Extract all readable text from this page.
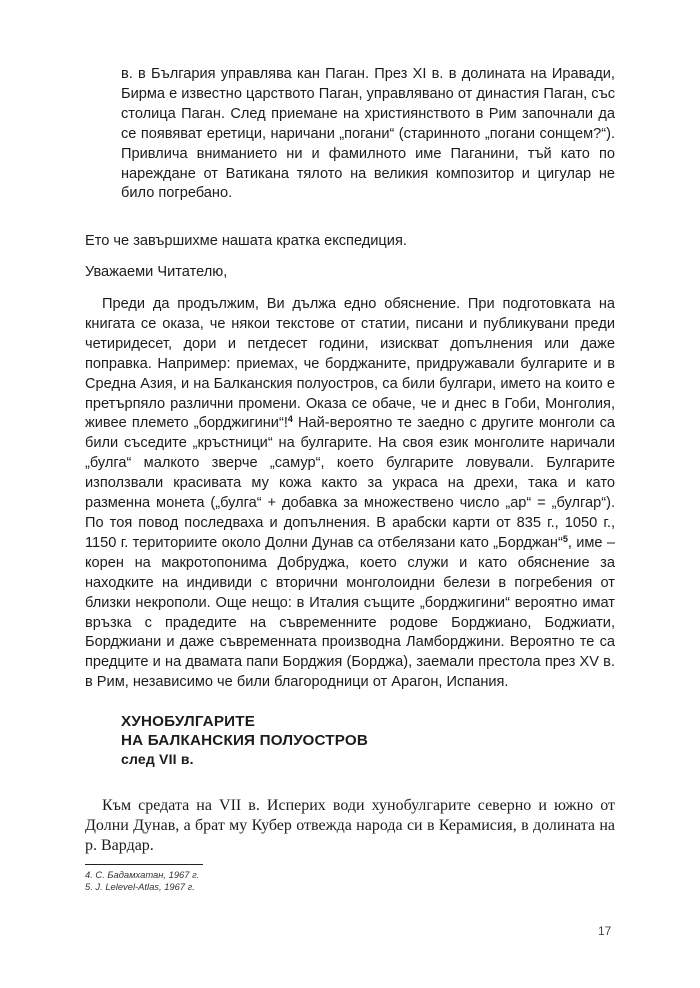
в. в България управлява кан Паган. През XI в. в долината на Иравади, Бирма е известно царството Паган, управлявано от династия Паган, със столица Паган. След приемане на християнството в Рим започнали да се появяват еретици, наричани „погани“ (старинното „погани сонщем?“). Привлича вниманието ни и фамилното име Паганини, тъй като по нареждане от Ватикана тялото на великия композитор и цигулар не било погребано.

Ето че завършихме нашата кратка експедиция.

Уважаеми Читателю,

Преди да продължим, Ви дължа едно обяснение. При подготовката на книгата се оказа, че някои текстове от статии, писани и публикувани преди четиридесет, дори и петдесет години, изискват допълнения или даже поправка. Например: приемах, че борджаните, придружавали булгарите и в Средна Азия, и на Балканския полуостров, са били булгари, името на които е претърпяло различни промени. Оказа се обаче, че и днес в Гоби, Монголия, живее племето „борджигини“!$^4$ Най-вероятно те заедно с другите монголи са били съседите „кръстници“ на булгарите. На своя език монголите наричали „булга“ малкото зверче „самур“, което булгарите ловували. Булгарите използвали красивата му кожа както за украса на дрехи, така и като разменна монета („булга“ + добавка за множествено число „ар“ = „булгар“). По тоя повод последваха и допълнения. В арабски карти от 835 г., 1050 г., 1150 г. териториите около Долни Дунав са отбелязани като „Борджан“$^5$, име – корен на макротопонима Добруджа, което служи и като обяснение за находките на индивиди с вторични монголоидни белези в погребения от близки некрополи. Още нещо: в Италия същите „борджигини“ вероятно имат връзка с прадедите на съвременните родове Борджиано, Боджиати, Борджиани и даже съвременната производна Ламборджини. Вероятно те са предците и на двамата папи Борджия (Борджа), заемали престола през XV в. в Рим, независимо че били благородници от Арагон, Испания.

ХУНОБУЛГАРИТЕ
НА БАЛКАНСКИЯ ПОЛУОСТРОВ
след VII в.

Към средата на VII в. Исперих води хунобулгарите северно и южно от Долни Дунав, а брат му Кубер отвежда народа си в Керамисия, в долината на р. Вардар.

4. С. Бадамхатан, 1967 г.
5. J. Lelevel-Atlas, 1967 г.
17
